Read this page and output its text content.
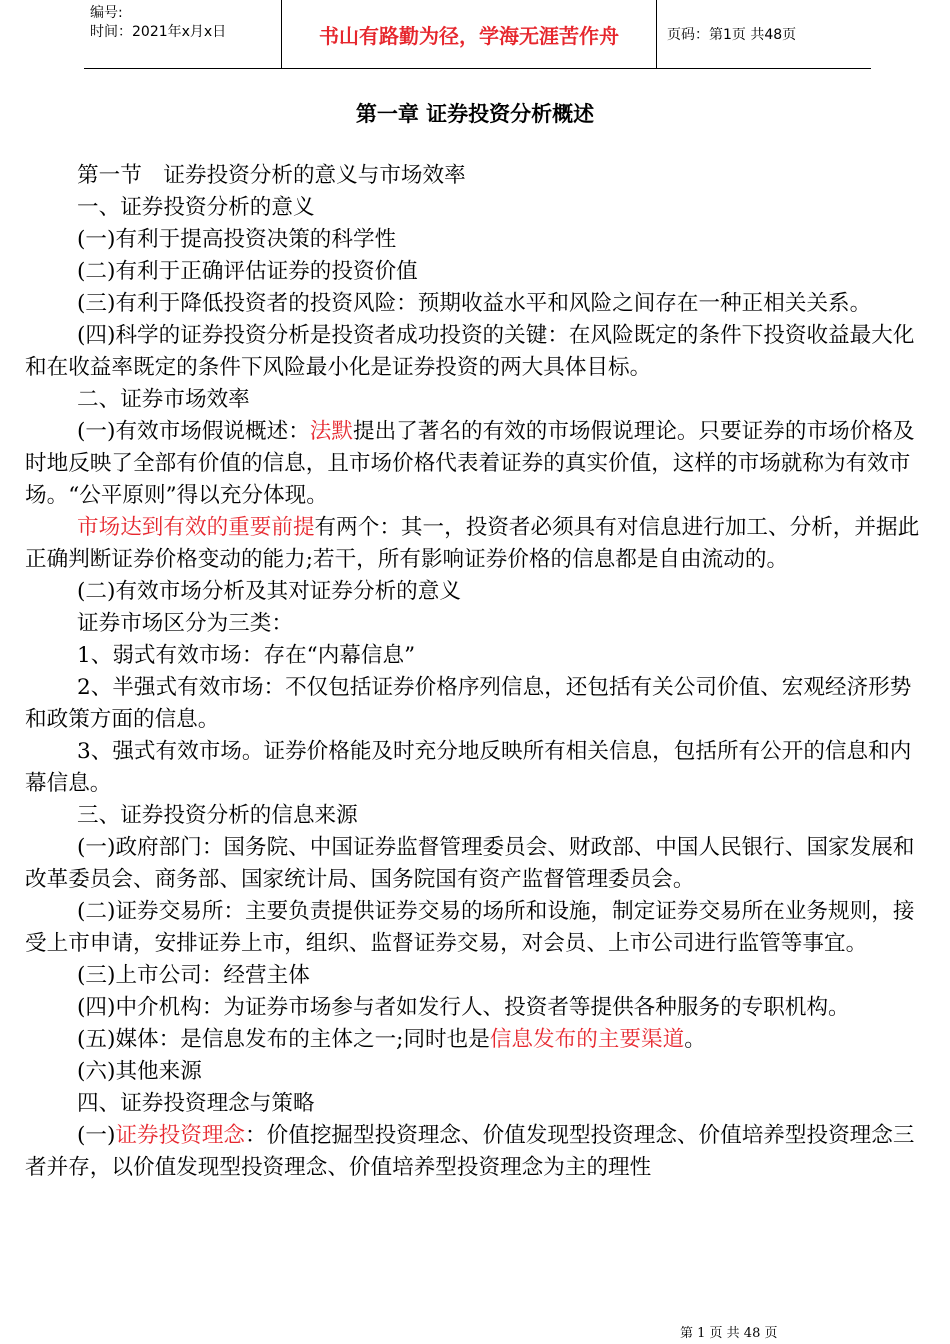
编号:
时间：2021年x月x日	书山有路勤为径，学海无涯苦作舟	页码：第1页 共48页
第一章 证券投资分析概述

第一节　证券投资分析的意义与市场效率

一、证券投资分析的意义

(一)有利于提高投资决策的科学性

(二)有利于正确评估证券的投资价值

(三)有利于降低投资者的投资风险：预期收益水平和风险之间存在一种正相关关系。

(四)科学的证券投资分析是投资者成功投资的关键：在风险既定的条件下投资收益最大化和在收益率既定的条件下风险最小化是证券投资的两大具体目标。

二、证券市场效率

(一)有效市场假说概述：法默提出了著名的有效的市场假说理论。只要证券的市场价格及时地反映了全部有价值的信息，且市场价格代表着证券的真实价值，这样的市场就称为有效市场。“公平原则”得以充分体现。

市场达到有效的重要前提有两个：其一，投资者必须具有对信息进行加工、分析，并据此正确判断证券价格变动的能力;若干，所有影响证券价格的信息都是自由流动的。

(二)有效市场分析及其对证券分析的意义

证券市场区分为三类：

1、弱式有效市场：存在“内幕信息”

2、半强式有效市场：不仅包括证券价格序列信息，还包括有关公司价值、宏观经济形势和政策方面的信息。

3、强式有效市场。证券价格能及时充分地反映所有相关信息，包括所有公开的信息和内幕信息。

三、证券投资分析的信息来源

(一)政府部门：国务院、中国证券监督管理委员会、财政部、中国人民银行、国家发展和改革委员会、商务部、国家统计局、国务院国有资产监督管理委员会。

(二)证券交易所：主要负责提供证券交易的场所和设施，制定证券交易所在业务规则，接受上市申请，安排证券上市，组织、监督证券交易，对会员、上市公司进行监管等事宜。

(三)上市公司：经营主体

(四)中介机构：为证券市场参与者如发行人、投资者等提供各种服务的专职机构。

(五)媒体：是信息发布的主体之一;同时也是信息发布的主要渠道。

(六)其他来源

四、证券投资理念与策略

(一)证券投资理念：价值挖掘型投资理念、价值发现型投资理念、价值培养型投资理念三者并存，以价值发现型投资理念、价值培养型投资理念为主的理性

第 1 页 共 48 页
